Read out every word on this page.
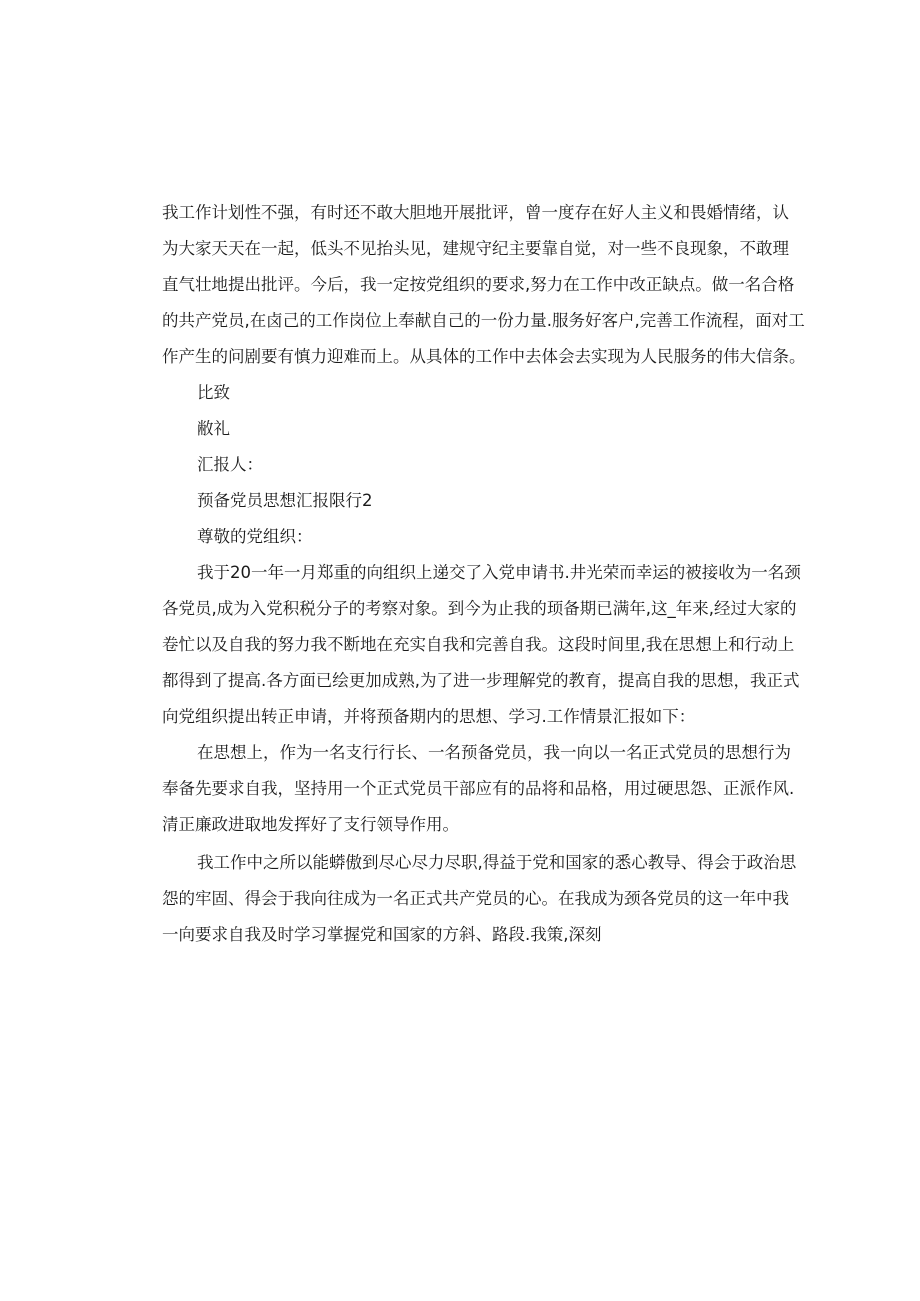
我工作计划性不强，有时还不敢大胆地开展批评，曾一度存在好人主义和畏婚情绪，认
为大家天天在一起，低头不见抬头见，建规守纪主要靠自觉，对一些不良现象，不敢理
直气壮地提出批评。今后，我一定按党组织的要求,努力在工作中改正缺点。做一名合格
的共产党员,在卤己的工作岗位上奉献自己的一份力量.服务好客户,完善工作流程，面对工
作产生的问剧要有慎力迎难而上。从具体的工作中去体会去实现为人民服务的伟大信条。
比致
敝礼
汇报人：
预备党员思想汇报限行2
尊敬的党组织：
我于20一年一月郑重的向组织上递交了入党申请书.井光荣而幸运的被接收为一名颈
各党员,成为入党积税分子的考察对象。到今为止我的顼备期已满年,这_年来,经过大家的
卷忙以及自我的努力我不断地在充实自我和完善自我。这段时间里,我在思想上和行动上
都得到了提高.各方面已绘更加成熟,为了进一步理解党的教育，提高自我的思想，我正式
向党组织提出转正申请，并将预备期内的思想、学习.工作情景汇报如下：
在思想上，作为一名支行行长、一名预备党员，我一向以一名正式党员的思想行为
奉备先要求自我，坚持用一个正式党员干部应有的品将和品格，用过硬思怨、正派作风.
清正廉政进取地发挥好了支行领导作用。
我工作中之所以能蟒傲到尽心尽力尽职,得益于党和国家的悉心教导、得会于政治思
怨的牢固、得会于我向往成为一名正式共产党员的心。在我成为颈各党员的这一年中我
一向要求自我及时学习掌握党和国家的方斜、路段.我策,深刻
